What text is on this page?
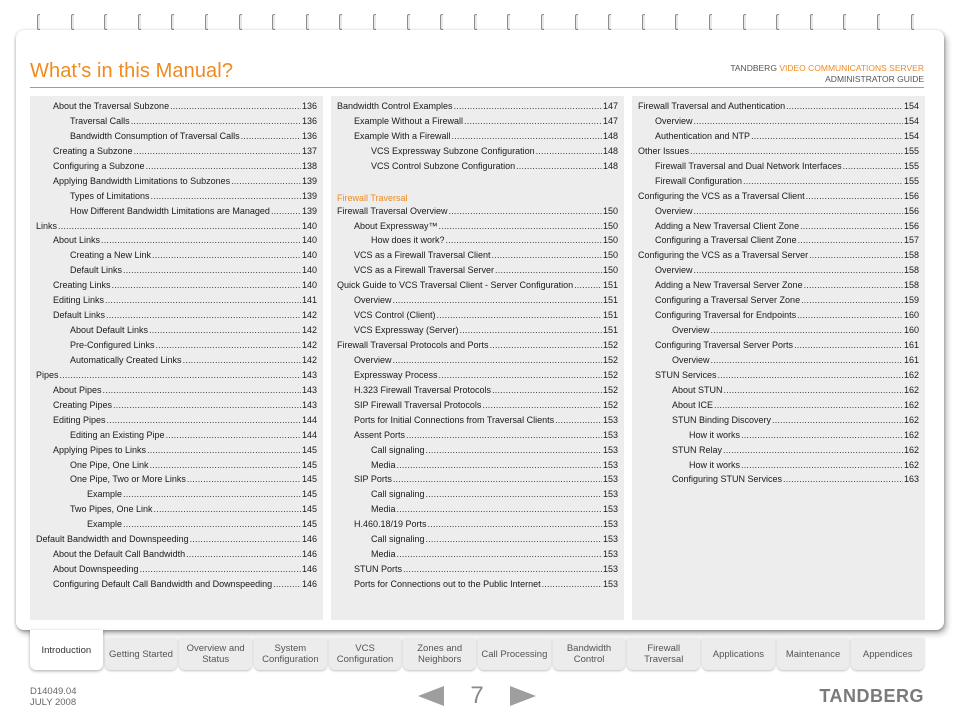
What’s in this Manual?	TANDBERG VIDEO COMMUNICATIONS SERVER
ADMINISTRATOR GUIDE
About the Traversal Subzone .....	136
Traversal Calls .....	136
Bandwidth Consumption of Traversal Calls .....	136
Creating a Subzone .....	137
Configuring a Subzone .....	138
Applying Bandwidth Limitations to Subzones .....	139
Types of Limitations .....	139
How Different Bandwidth Limitations are Managed .....	139
Links .....	140
About Links .....	140
Creating a New Link .....	140
Default Links .....	140
Creating Links .....	140
Editing Links .....	141
Default Links .....	142
About Default Links .....	142
Pre-Configured Links .....	142
Automatically Created Links .....	142
Pipes .....	143
About Pipes .....	143
Creating Pipes .....	143
Editing Pipes .....	144
Editing an Existing Pipe .....	144
Applying Pipes to Links .....	145
One Pipe, One Link .....	145
One Pipe, Two or More Links .....	145
Example .....	145
Two Pipes, One Link .....	145
Example .....	145
Default Bandwidth and Downspeeding .....	146
About the Default Call Bandwidth .....	146
About Downspeeding .....	146
Configuring Default Call Bandwidth and Downspeeding .....	146
Bandwidth Control Examples .....	147
Example Without a Firewall .....	147
Example With a Firewall .....	148
VCS Expressway Subzone Configuration .....	148
VCS Control Subzone Configuration .....	148
Firewall Traversal
Firewall Traversal Overview .....	150
About Expressway™ .....	150
How does it work? .....	150
VCS as a Firewall Traversal Client .....	150
VCS as a Firewall Traversal Server .....	150
Quick Guide to VCS Traversal Client - Server Configuration .....	151
Overview .....	151
VCS Control (Client) .....	151
VCS Expressway (Server) .....	151
Firewall Traversal Protocols and Ports .....	152
Overview .....	152
Expressway Process .....	152
H.323 Firewall Traversal Protocols .....	152
SIP Firewall Traversal Protocols .....	152
Ports for Initial Connections from Traversal Clients .....	153
Assent Ports .....	153
Call signaling .....	153
Media .....	153
SIP Ports .....	153
Call signaling .....	153
Media .....	153
H.460.18/19 Ports .....	153
Call signaling .....	153
Media .....	153
STUN Ports .....	153
Ports for Connections out to the Public Internet .....	153
Firewall Traversal and Authentication .....	154
Overview .....	154
Authentication and NTP .....	154
Other Issues .....	155
Firewall Traversal and Dual Network Interfaces .....	155
Firewall Configuration .....	155
Configuring the VCS as a Traversal Client .....	156
Overview .....	156
Adding a New Traversal Client Zone .....	156
Configuring a Traversal Client Zone .....	157
Configuring the VCS as a Traversal Server .....	158
Overview .....	158
Adding a New Traversal Server Zone .....	158
Configuring a Traversal Server Zone .....	159
Configuring Traversal for Endpoints .....	160
Overview .....	160
Configuring Traversal Server Ports .....	161
Overview .....	161
STUN Services .....	162
About STUN .....	162
About ICE .....	162
STUN Binding Discovery .....	162
How it works .....	162
STUN Relay .....	162
How it works .....	162
Configuring STUN Services .....	163
Introduction	Getting Started	Overview and Status
System Configuration
VCS Configuration
Zones and Neighbors	Call Processing	Bandwidth Control
Firewall Traversal	Applications	Maintenance	Appendices
D14049.04
JULY 2008	7	TANDBERG
